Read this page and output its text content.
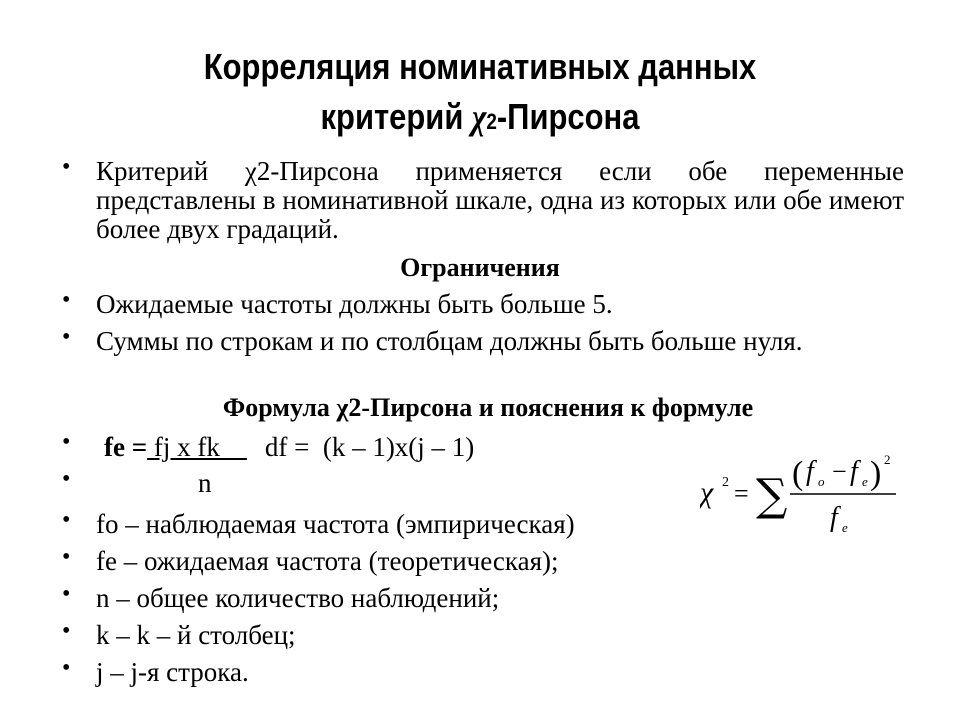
Корреляция номинативных данных
критерий χ2-Пирсона
• Критерий χ2-Пирсона применяется если обе переменные представлены в номинативной шкале, одна из которых или обе имеют более двух градаций.
Ограничения
• Ожидаемые частоты должны быть больше 5.
• Суммы по строкам и по столбцам должны быть больше нуля.
Формула χ2-Пирсона и пояснения к формуле
• fe = fj x fk    df =  (k – 1)x(j – 1)
•	n	χ 2 = ∑ ( f o − f e ) 2
f e
• fo – наблюдаемая частота (эмпирическая)
• fe – ожидаемая частота (теоретическая);
• n – общее количество наблюдений;
• k – k – й столбец;
• j – j-я строка.
